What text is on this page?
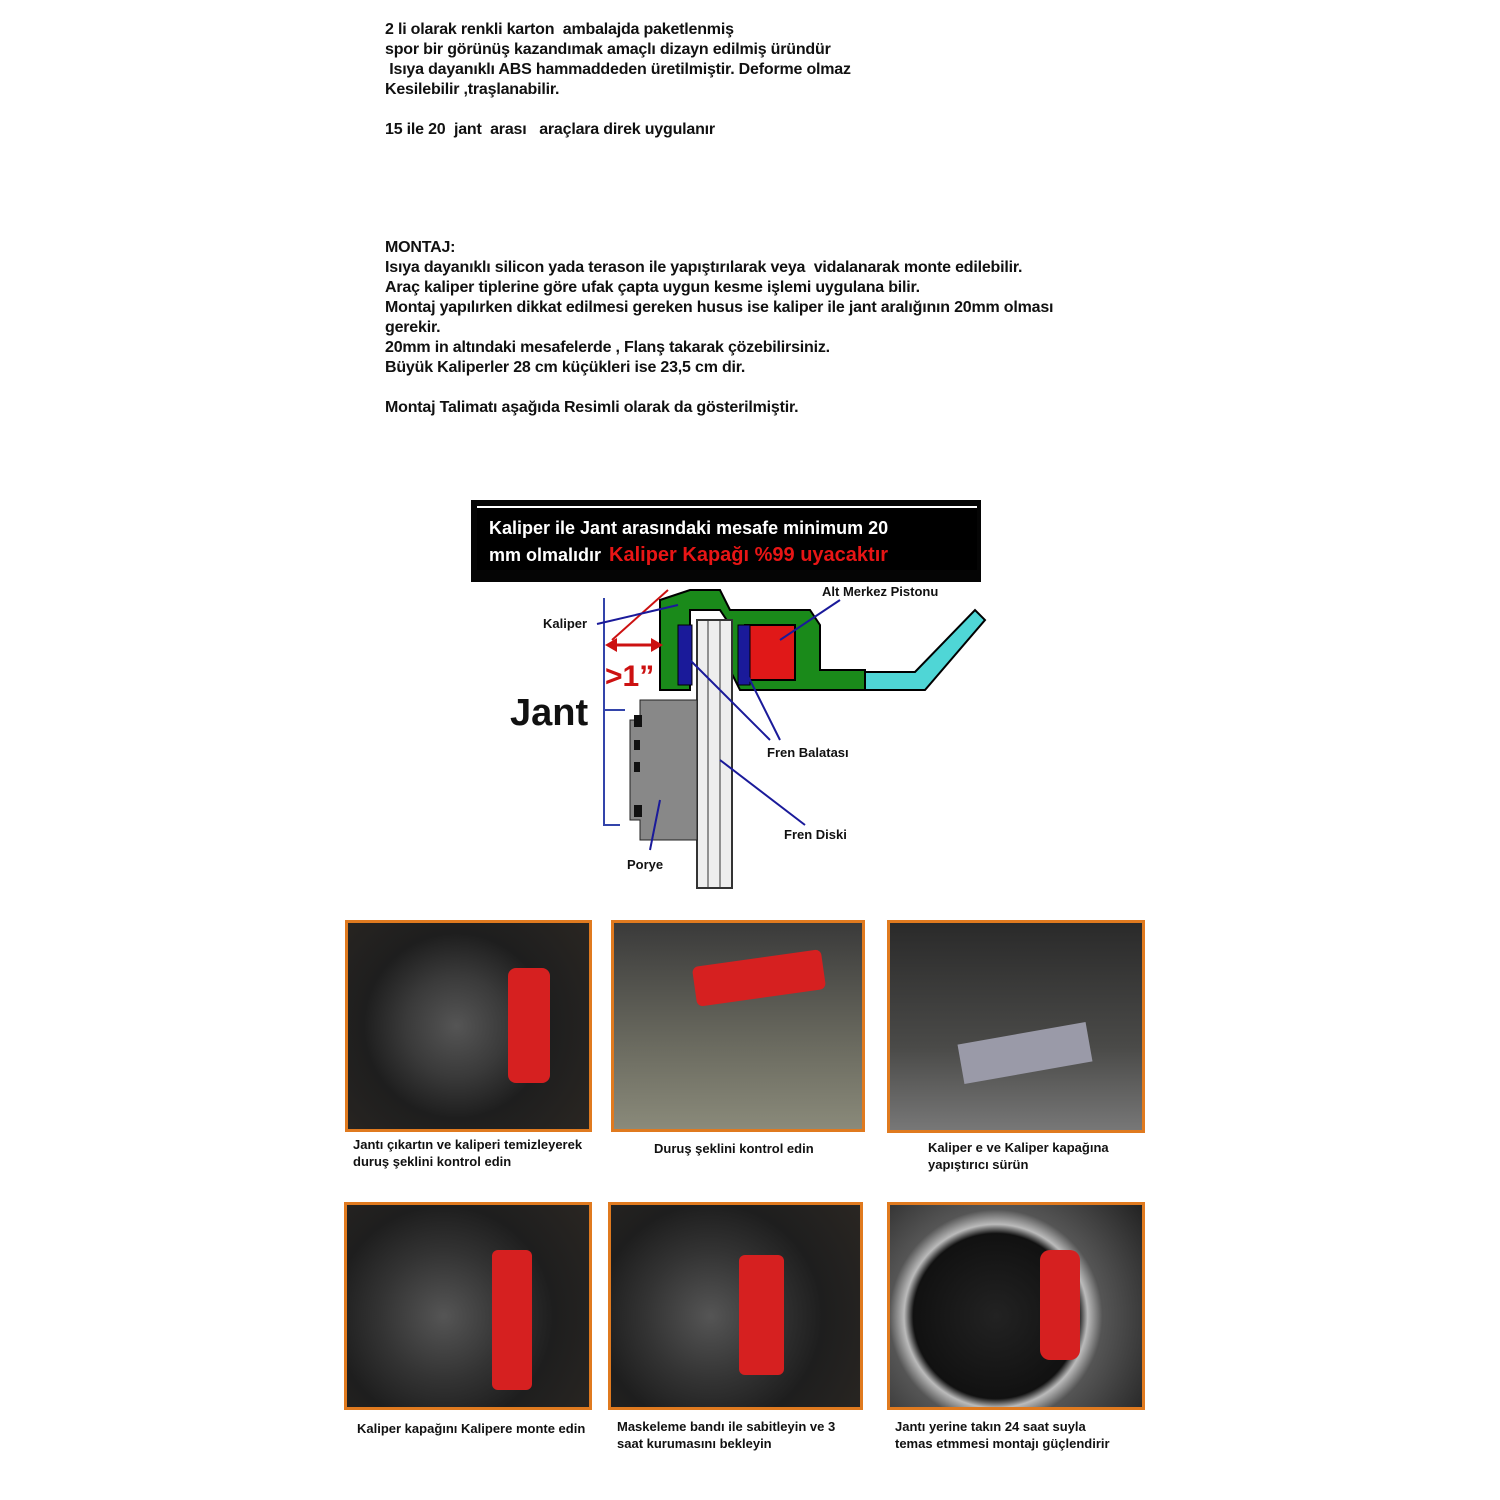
2 li olarak renkli karton  ambalajda paketlenmiş
spor bir görünüş kazandımak amaçlı dizayn edilmiş üründür
Isıya dayanıklı ABS hammaddeden üretilmiştir. Deforme olmaz
Kesilebilir ,traşlanabilir.
15 ile 20  jant  arası   araçlara direk uygulanır
MONTAJ:
Isıya dayanıklı silicon yada terason ile yapıştırılarak veya  vidalanarak monte edilebilir.
Araç kaliper tiplerine göre ufak çapta uygun kesme işlemi uygulana bilir.
Montaj yapılırken dikkat edilmesi gereken husus ise kaliper ile jant aralığının 20mm olması
gerekir.
20mm in altındaki mesafelerde , Flanş takarak çözebilirsiniz.
Büyük Kaliperler 28 cm küçükleri ise 23,5 cm dir.
Montaj Talimatı aşağıda Resimli olarak da gösterilmiştir.
Kaliper ile Jant arasındaki mesafe minimum 20
mm olmalıdır Kaliper Kapağı %99 uyacaktır
Kaliper
Alt Merkez Pistonu
>1”
Jant
Fren Balatası
Fren Diski
Porye
Jantı çıkartın ve kaliperi temizleyerek duruş şeklini kontrol edin
Duruş şeklini kontrol edin	Kaliper e ve Kaliper kapağına yapıştırıcı sürün
Kaliper kapağını Kalipere monte edin Maskeleme bandı ile sabitleyin ve 3 saat kurumasını bekleyin
Jantı yerine takın 24 saat suyla temas etmmesi montajı güçlendirir
